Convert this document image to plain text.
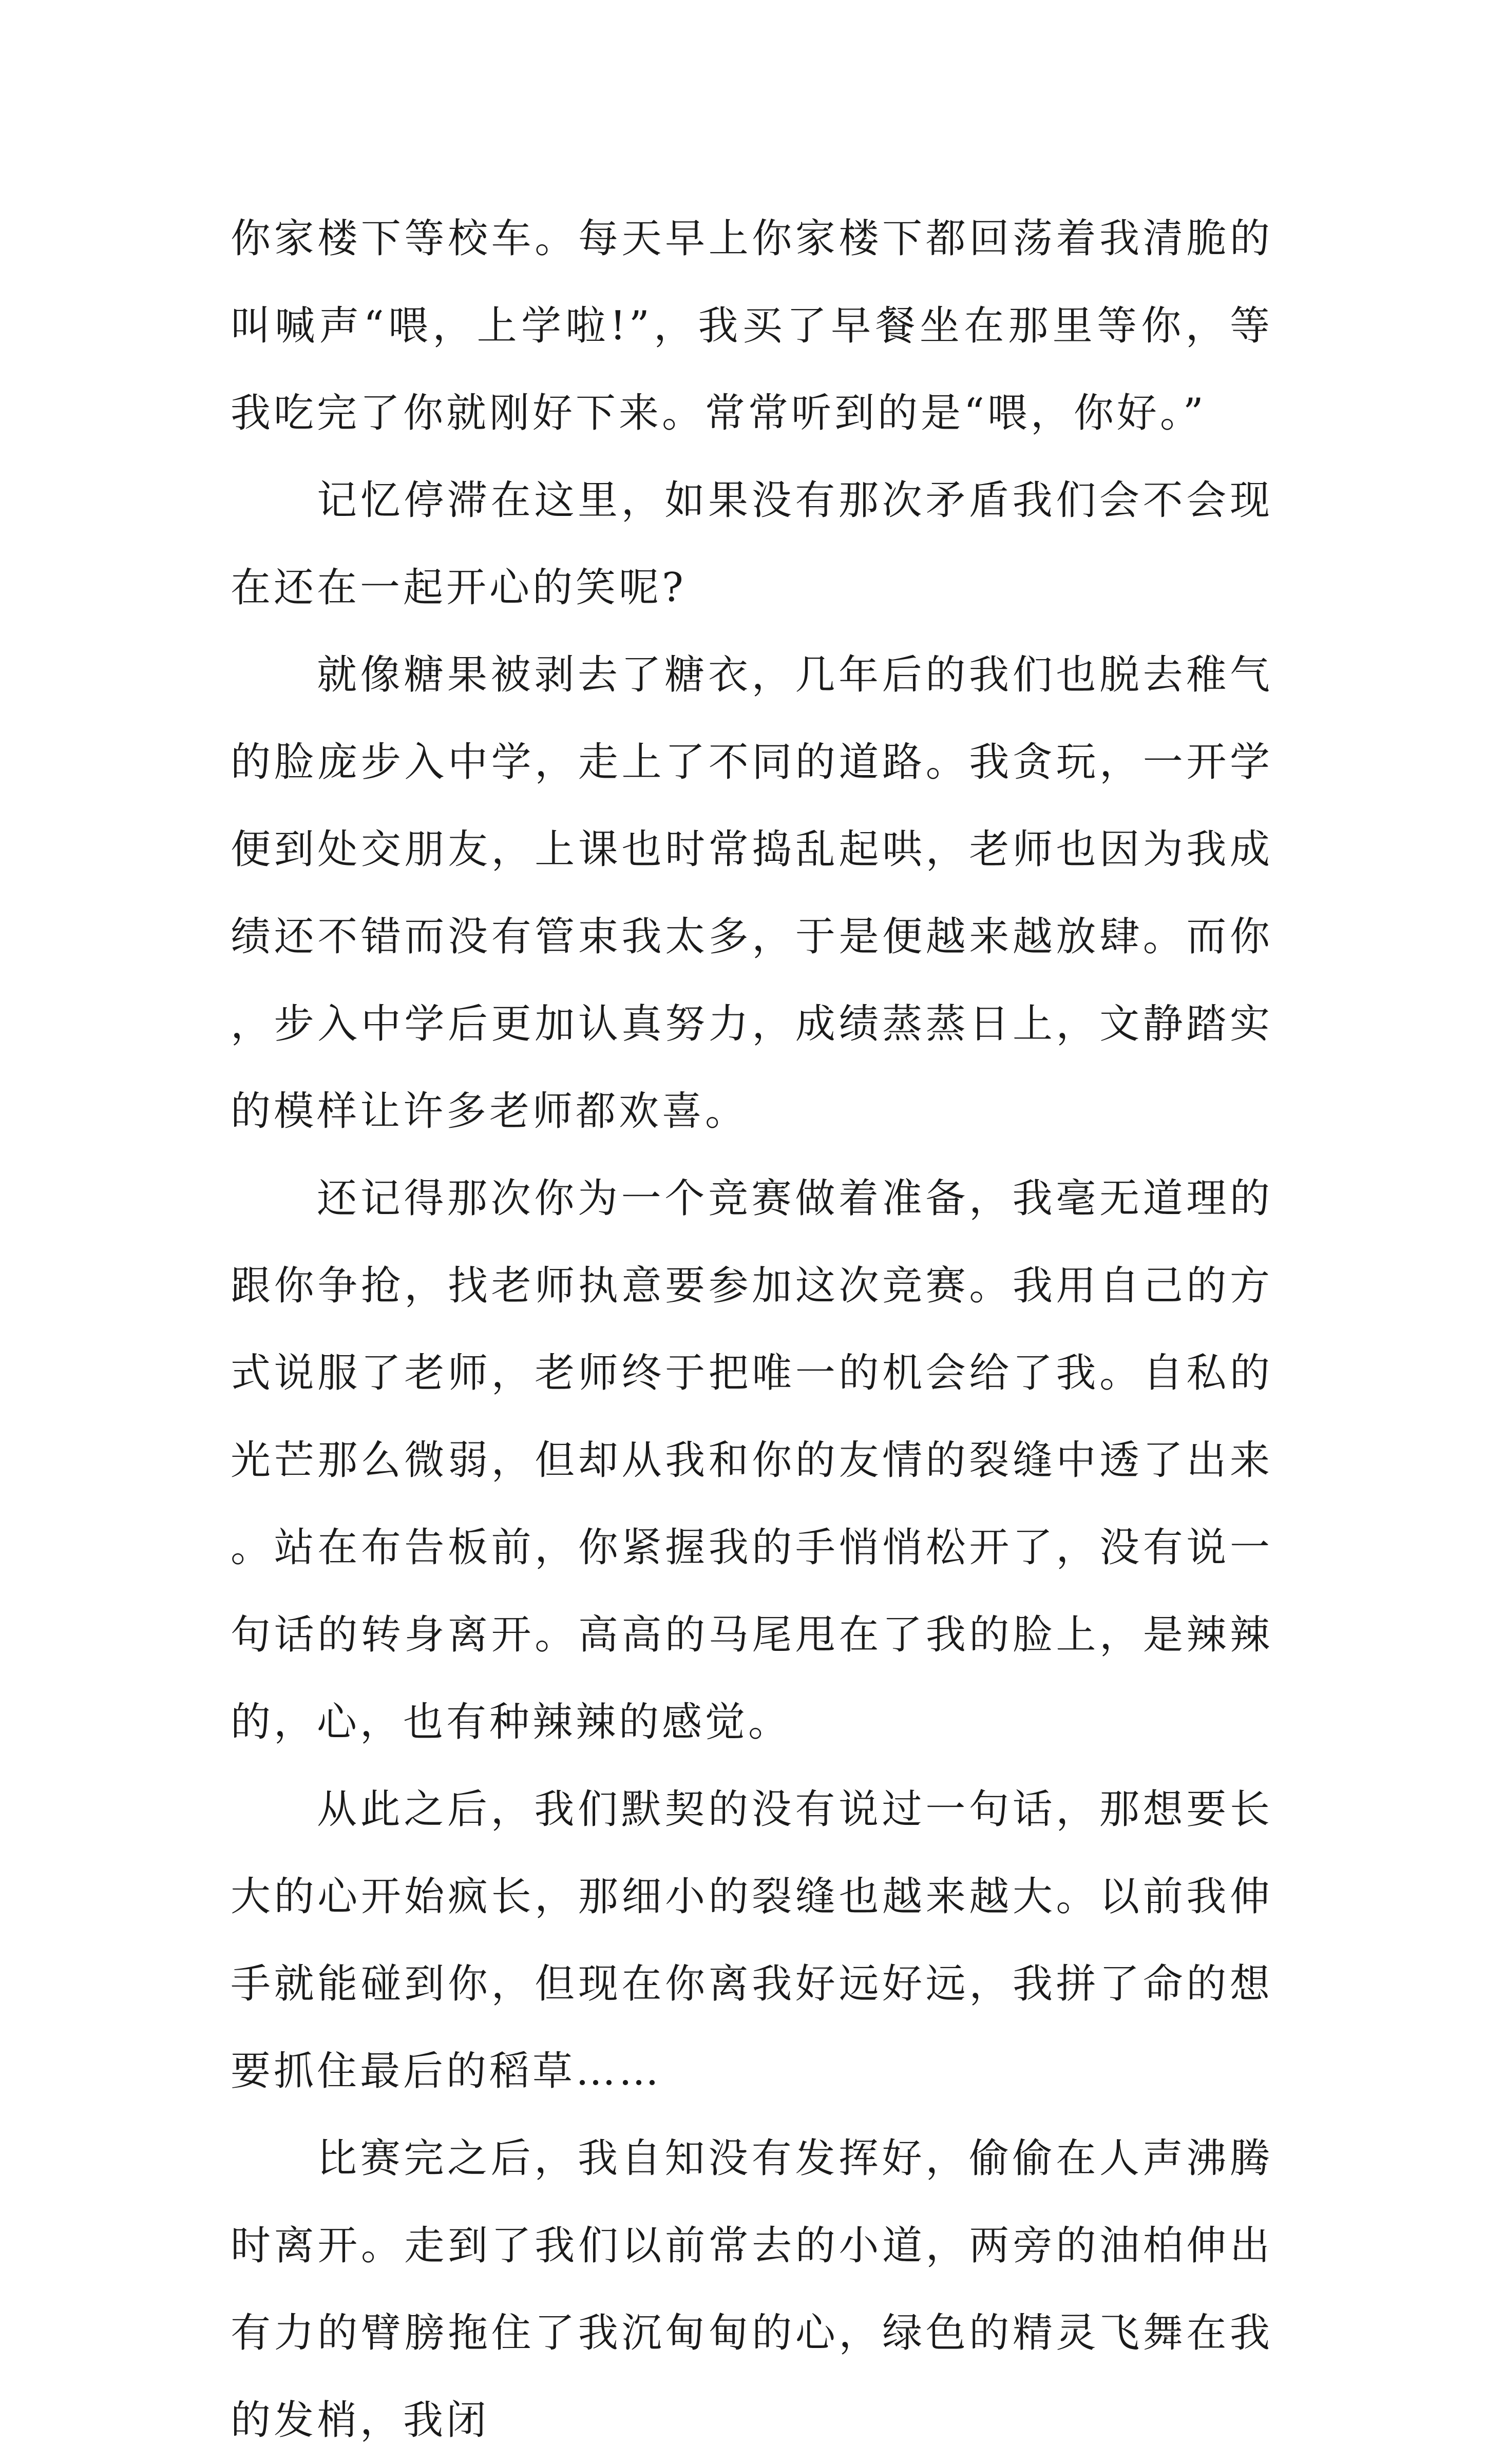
你家楼下等校车。每天早上你家楼下都回荡着我清脆的叫喊声“喂，上学啦!”，我买了早餐坐在那里等你，等我吃完了你就刚好下来。常常听到的是“喂，你好。”

记忆停滞在这里，如果没有那次矛盾我们会不会现在还在一起开心的笑呢?

就像糖果被剥去了糖衣，几年后的我们也脱去稚气的脸庞步入中学，走上了不同的道路。我贪玩，一开学便到处交朋友，上课也时常捣乱起哄，老师也因为我成绩还不错而没有管束我太多，于是便越来越放肆。而你，步入中学后更加认真努力，成绩蒸蒸日上，文静踏实的模样让许多老师都欢喜。

还记得那次你为一个竞赛做着准备，我毫无道理的跟你争抢，找老师执意要参加这次竞赛。我用自己的方式说服了老师，老师终于把唯一的机会给了我。自私的光芒那么微弱，但却从我和你的友情的裂缝中透了出来。站在布告板前，你紧握我的手悄悄松开了，没有说一句话的转身离开。高高的马尾甩在了我的脸上，是辣辣的，心，也有种辣辣的感觉。

从此之后，我们默契的没有说过一句话，那想要长大的心开始疯长，那细小的裂缝也越来越大。以前我伸手就能碰到你，但现在你离我好远好远，我拼了命的想要抓住最后的稻草……

比赛完之后，我自知没有发挥好，偷偷在人声沸腾时离开。走到了我们以前常去的小道，两旁的油柏伸出有力的臂膀拖住了我沉甸甸的心，绿色的精灵飞舞在我的发梢，我闭
